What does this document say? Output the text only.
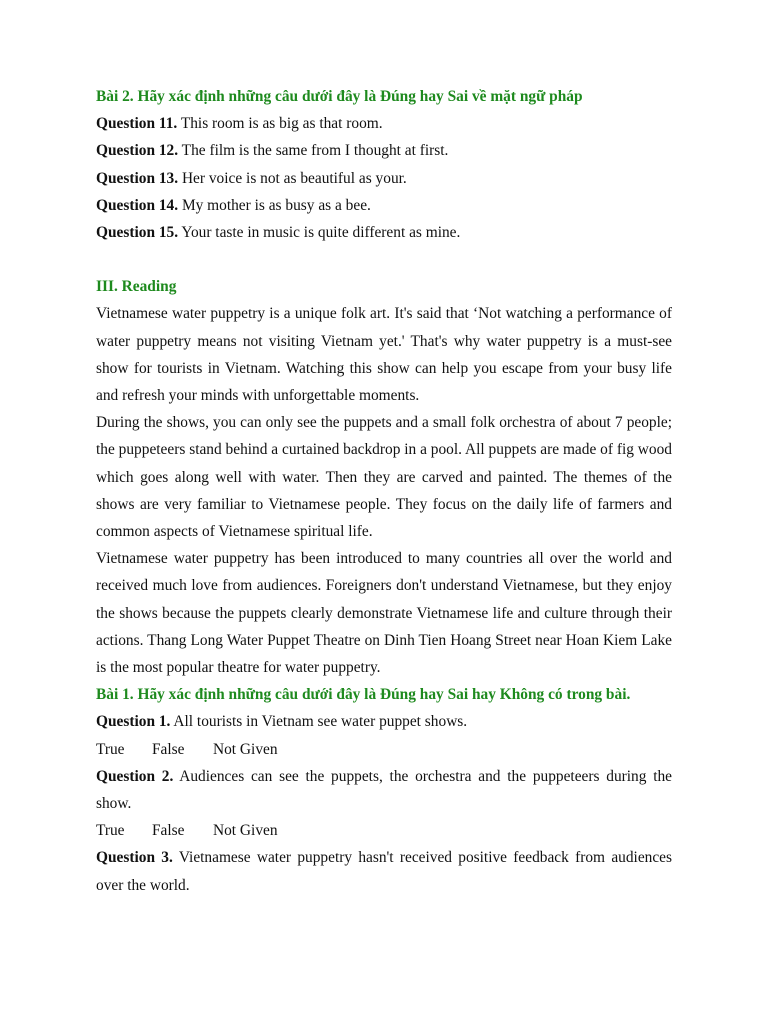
Bài 2. Hãy xác định những câu dưới đây là Đúng hay Sai về mặt ngữ pháp

Question 11. This room is as big as that room.

Question 12. The film is the same from I thought at first.

Question 13. Her voice is not as beautiful as your.

Question 14. My mother is as busy as a bee.

Question 15. Your taste in music is quite different as mine.

III. Reading

Vietnamese water puppetry is a unique folk art. It's said that ‘Not watching a performance of water puppetry means not visiting Vietnam yet.' That's why water puppetry is a must-see show for tourists in Vietnam. Watching this show can help you escape from your busy life and refresh your minds with unforgettable moments.

During the shows, you can only see the puppets and a small folk orchestra of about 7 people; the puppeteers stand behind a curtained backdrop in a pool. All puppets are made of fig wood which goes along well with water. Then they are carved and painted. The themes of the shows are very familiar to Vietnamese people. They focus on the daily life of farmers and common aspects of Vietnamese spiritual life.

Vietnamese water puppetry has been introduced to many countries all over the world and received much love from audiences. Foreigners don't understand Vietnamese, but they enjoy the shows because the puppets clearly demonstrate Vietnamese life and culture through their actions. Thang Long Water Puppet Theatre on Dinh Tien Hoang Street near Hoan Kiem Lake is the most popular theatre for water puppetry.

Bài 1. Hãy xác định những câu dưới đây là Đúng hay Sai hay Không có trong bài.

Question 1. All tourists in Vietnam see water puppet shows.

True False Not Given

Question 2. Audiences can see the puppets, the orchestra and the puppeteers during the show.

True False Not Given

Question 3. Vietnamese water puppetry hasn't received positive feedback from audiences over the world.
